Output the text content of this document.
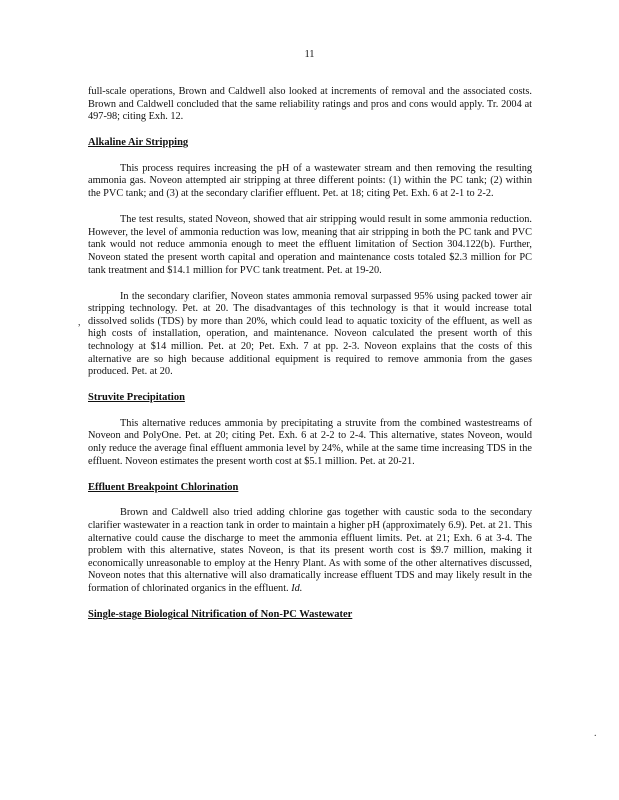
11

full-scale operations, Brown and Caldwell also looked at increments of removal and the associated costs. Brown and Caldwell concluded that the same reliability ratings and pros and cons would apply. Tr. 2004 at 497-98; citing Exh. 12.

Alkaline Air Stripping

This process requires increasing the pH of a wastewater stream and then removing the resulting ammonia gas. Noveon attempted air stripping at three different points: (1) within the PC tank; (2) within the PVC tank; and (3) at the secondary clarifier effluent. Pet. at 18; citing Pet. Exh. 6 at 2-1 to 2-2.

The test results, stated Noveon, showed that air stripping would result in some ammonia reduction. However, the level of ammonia reduction was low, meaning that air stripping in both the PC tank and PVC tank would not reduce ammonia enough to meet the effluent limitation of Section 304.122(b). Further, Noveon stated the present worth capital and operation and maintenance costs totaled $2.3 million for PC tank treatment and $14.1 million for PVC tank treatment. Pet. at 19-20.

In the secondary clarifier, Noveon states ammonia removal surpassed 95% using packed tower air stripping technology. Pet. at 20. The disadvantages of this technology is that it would increase total dissolved solids (TDS) by more than 20%, which could lead to aquatic toxicity of the effluent, as well as high costs of installation, operation, and maintenance. Noveon calculated the present worth of this technology at $14 million. Pet. at 20; Pet. Exh. 7 at pp. 2-3. Noveon explains that the costs of this alternative are so high because additional equipment is required to remove ammonia from the gases produced. Pet. at 20.

Struvite Precipitation

This alternative reduces ammonia by precipitating a struvite from the combined wastestreams of Noveon and PolyOne. Pet. at 20; citing Pet. Exh. 6 at 2-2 to 2-4. This alternative, states Noveon, would only reduce the average final effluent ammonia level by 24%, while at the same time increasing TDS in the effluent. Noveon estimates the present worth cost at $5.1 million. Pet. at 20-21.

Effluent Breakpoint Chlorination

Brown and Caldwell also tried adding chlorine gas together with caustic soda to the secondary clarifier wastewater in a reaction tank in order to maintain a higher pH (approximately 6.9). Pet. at 21. This alternative could cause the discharge to meet the ammonia effluent limits. Pet. at 21; Exh. 6 at 3-4. The problem with this alternative, states Noveon, is that its present worth cost is $9.7 million, making it economically unreasonable to employ at the Henry Plant. As with some of the other alternatives discussed, Noveon notes that this alternative will also dramatically increase effluent TDS and may likely result in the formation of chlorinated organics in the effluent. Id.

Single-stage Biological Nitrification of Non-PC Wastewater
,
.
